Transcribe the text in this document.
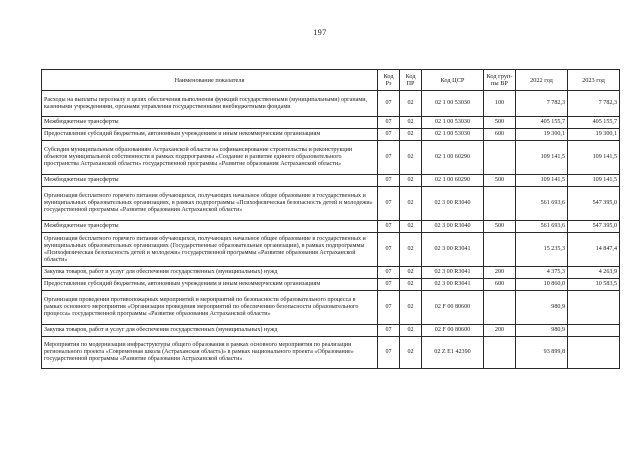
197
Наименование показателя	Код Рз	Код ПР	Код ЦСР	Код груп-пы ВР	2022 год	2023 год
Расходы на выплаты персоналу в целях обеспечения выполнения функций государственными (муниципальными) органами, казенными учреждениями, органами управления государственными внебюджетными фондами	07	02	02 1 00 53030	100	7 782,3	7 782,3
Межбюджетные трансферты	07	02	02 1 00 53030	500	405 155,7	405 155,7
Предоставление субсидий бюджетным, автономным учреждениям и иным некоммерческим организациям	07	02	02 1 00 53030	600	19 300,1	19 300,1
Субсидия муниципальным образованиям Астраханской области на софинансирование строительства и реконструкции объектов муниципальной собственности в рамках подпрограммы «Создание и развитие единого образовательного пространства Астраханской области» государственной программы «Развитие образования Астраханской области»	07	02	02 1 00 60290		109 141,5	109 141,5
Межбюджетные трансферты	07	02	02 1 00 60290	500	109 141,5	109 141,5
Организация бесплатного горячего питания обучающихся, получающих начальное общее образование в государственных и муниципальных образовательных организациях, в рамках подпрограммы «Психофизическая безопасность детей и молодежи» государственной программы «Развитие образования Астраханской области»	07	02	02 3 00 R3040		561 693,6	547 395,0
Межбюджетные трансферты	07	02	02 3 00 R3040	500	561 693,6	547 395,0
Организация бесплатного горячего питания обучающихся, получающих начальное общее образование в государственных и муниципальных образовательных организациях (Государственные образовательные организации), в рамках подпрограммы «Психофизическая безопасность детей и молодежи» государственной программы «Развитие образования Астраханской области»	07	02	02 3 00 R3041		15 235,3	14 847,4
Закупка товаров, работ и услуг для обеспечения государственных (муниципальных) нужд	07	02	02 3 00 R3041	200	4 375,3	4 263,9
Предоставление субсидий бюджетным, автономным учреждениям и иным некоммерческим организациям	07	02	02 3 00 R3041	600	10 860,0	10 583,5
Организация проведения противопожарных мероприятий и мероприятий по безопасности образовательного процесса в рамках основного мероприятия «Организация проведения мероприятий по обеспечению безопасности образовательного процесса» государственной программы «Развитие образования Астраханской области»	07	02	02 F 00 80600		980,9	
Закупка товаров, работ и услуг для обеспечения государственных (муниципальных) нужд	07	02	02 F 00 80600	200	980,9	
Мероприятия по модернизации инфраструктуры общего образования в рамках основного мероприятия по реализации регионального проекта «Современная школа (Астраханская область)» в рамках национального проекта «Образование» государственной программы «Развитие образования Астраханской области»	07	02	02 Z E1 42390		93 899,8	
